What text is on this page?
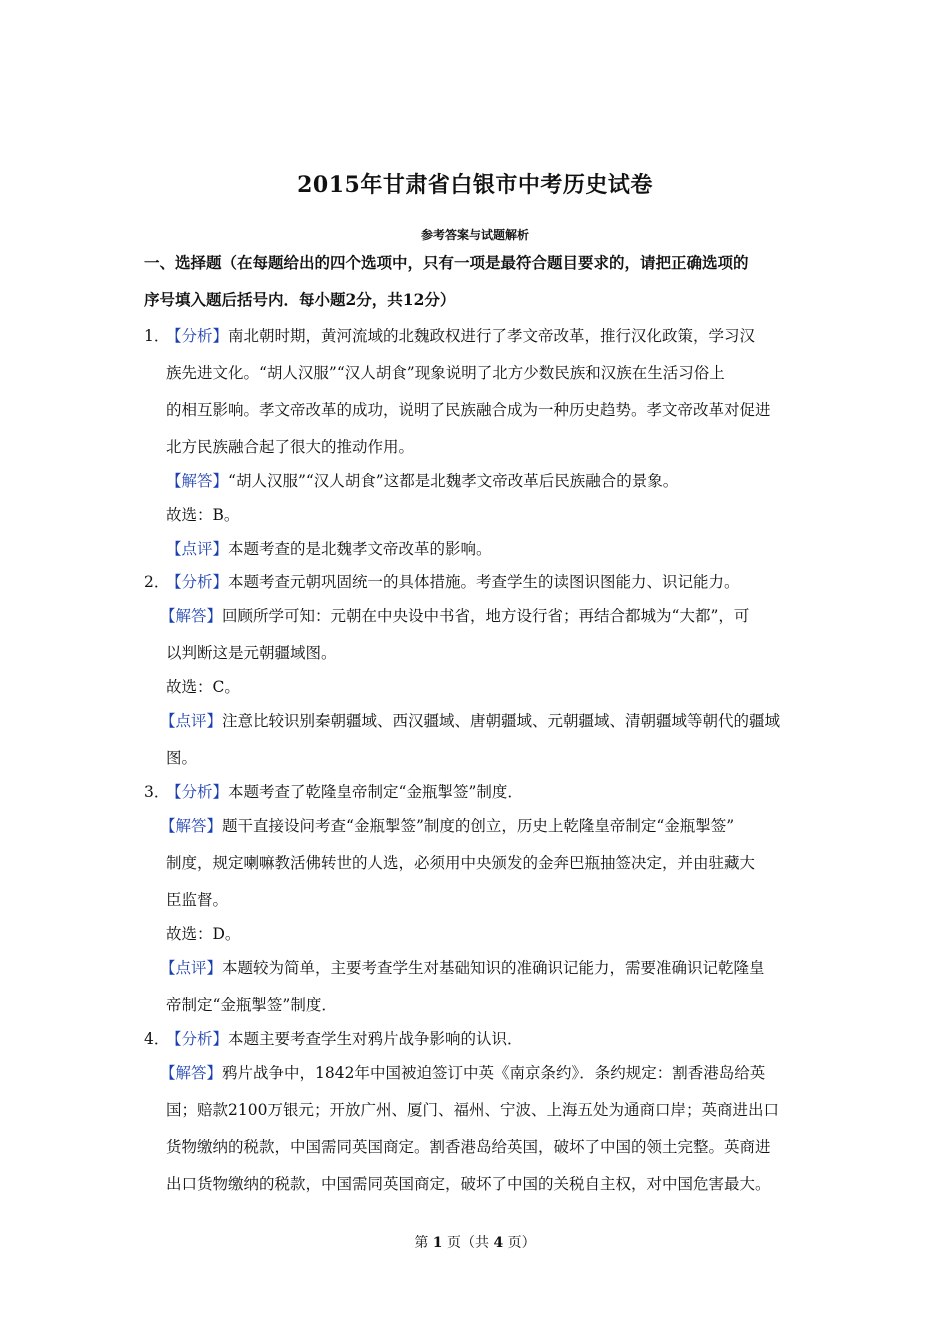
2015年甘肃省白银市中考历史试卷
参考答案与试题解析
一、选择题（在每题给出的四个选项中，只有一项是最符合题目要求的，请把正确选项的
序号填入题后括号内．每小题2分，共12分）
1．
【分析】南北朝时期，黄河流域的北魏政权进行了孝文帝改革，推行汉化政策，学习汉
族先进文化。“胡人汉服”“汉人胡食”现象说明了北方少数民族和汉族在生活习俗上
的相互影响。孝文帝改革的成功，说明了民族融合成为一种历史趋势。孝文帝改革对促进
北方民族融合起了很大的推动作用。
【解答】“胡人汉服”“汉人胡食”这都是北魏孝文帝改革后民族融合的景象。
故选：B。
【点评】本题考查的是北魏孝文帝改革的影响。
2．
【分析】本题考查元朝巩固统一的具体措施。考查学生的读图识图能力、识记能力。
【解答】回顾所学可知：元朝在中央设中书省，地方设行省；再结合都城为“大都”，可
以判断这是元朝疆域图。
故选：C。
【点评】注意比较识别秦朝疆域、西汉疆域、唐朝疆域、元朝疆域、清朝疆域等朝代的疆域
图。
3．
【分析】本题考查了乾隆皇帝制定“金瓶掣签”制度．
【解答】题干直接设问考查“金瓶掣签”制度的创立，历史上乾隆皇帝制定“金瓶掣签”
制度，规定喇嘛教活佛转世的人选，必须用中央颁发的金奔巴瓶抽签决定，并由驻藏大
臣监督。
故选：D。
【点评】本题较为简单，主要考查学生对基础知识的准确识记能力，需要准确识记乾隆皇
帝制定“金瓶掣签”制度．
4．
【分析】本题主要考查学生对鸦片战争影响的认识．
【解答】鸦片战争中，1842年中国被迫签订中英《南京条约》．条约规定：割香港岛给英
国；赔款2100万银元；开放广州、厦门、福州、宁波、上海五处为通商口岸；英商进出口
货物缴纳的税款，中国需同英国商定。割香港岛给英国，破坏了中国的领土完整。英商进
出口货物缴纳的税款，中国需同英国商定，破坏了中国的关税自主权，对中国危害最大。
第 1 页（共 4 页）
